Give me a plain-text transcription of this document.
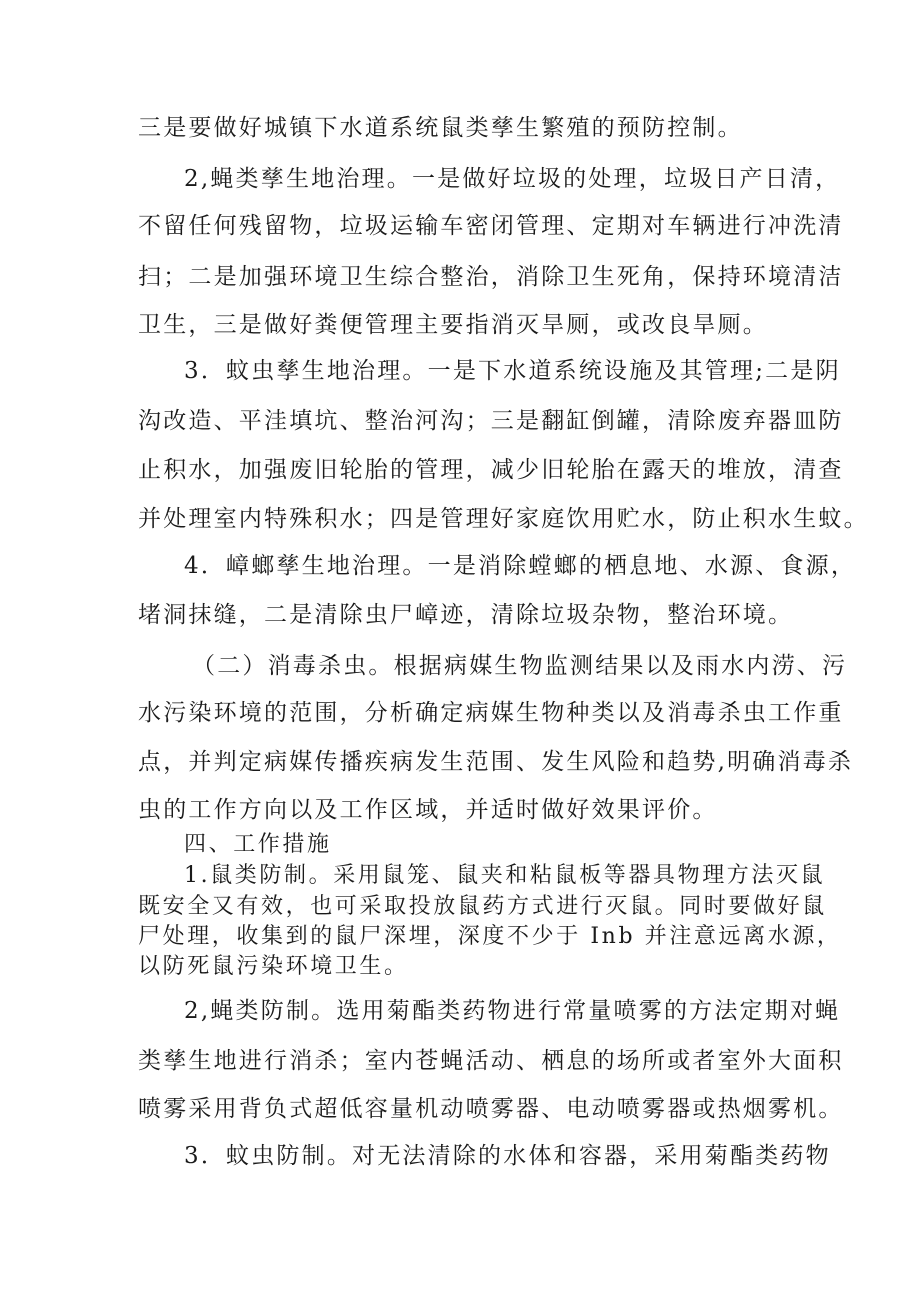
三是要做好城镇下水道系统鼠类孳生繁殖的预防控制。
2,蝇类孳生地治理。一是做好垃圾的处理，垃圾日产日清，
不留任何残留物，垃圾运输车密闭管理、定期对车辆进行冲洗清
扫；二是加强环境卫生综合整治，消除卫生死角，保持环境清洁
卫生，三是做好粪便管理主要指消灭旱厕，或改良旱厕。
3．蚊虫孳生地治理。一是下水道系统设施及其管理;二是阴
沟改造、平洼填坑、整治河沟；三是翻缸倒罐，清除废弃器皿防
止积水，加强废旧轮胎的管理，减少旧轮胎在露天的堆放，清查
并处理室内特殊积水；四是管理好家庭饮用贮水，防止积水生蚊。
4．嶂螂孳生地治理。一是消除螳螂的栖息地、水源、食源，
堵洞抹缝，二是清除虫尸嶂迹，清除垃圾杂物，整治环境。
（二）消毒杀虫。根据病媒生物监测结果以及雨水内涝、污
水污染环境的范围，分析确定病媒生物种类以及消毒杀虫工作重
点，并判定病媒传播疾病发生范围、发生风险和趋势,明确消毒杀
虫的工作方向以及工作区域，并适时做好效果评价。
四、工作措施
1.鼠类防制。采用鼠笼、鼠夹和粘鼠板等器具物理方法灭鼠
既安全又有效，也可采取投放鼠药方式进行灭鼠。同时要做好鼠
尸处理，收集到的鼠尸深埋，深度不少于 Inb 并注意远离水源，
以防死鼠污染环境卫生。
2,蝇类防制。选用菊酯类药物进行常量喷雾的方法定期对蝇
类孳生地进行消杀；室内苍蝇活动、栖息的场所或者室外大面积
喷雾采用背负式超低容量机动喷雾器、电动喷雾器或热烟雾机。
3．蚊虫防制。对无法清除的水体和容器，采用菊酯类药物
